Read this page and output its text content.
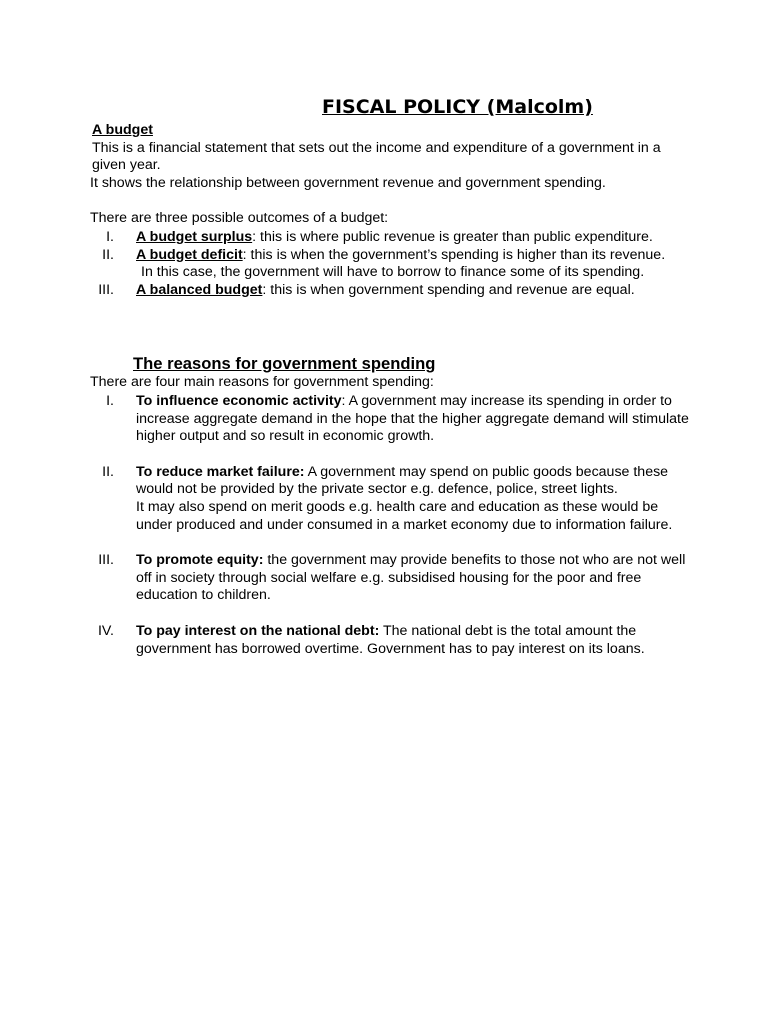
FISCAL POLICY (Malcolm)
A budget

This is a financial statement that sets out the income and expenditure of a government in a given year.

It shows the relationship between government revenue and government spending.

There are three possible outcomes of a budget:

I. A budget surplus: this is where public revenue is greater than public expenditure.
II. A budget deficit: this is when the government’s spending is higher than its revenue.
In this case, the government will have to borrow to finance some of its spending.
III. A balanced budget: this is when government spending and revenue are equal.
The reasons for government spending

There are four main reasons for government spending:

I. To influence economic activity: A government may increase its spending in order to increase aggregate demand in the hope that the higher aggregate demand will stimulate higher output and so result in economic growth.
II. To reduce market failure: A government may spend on public goods because these would not be provided by the private sector e.g. defence, police, street lights.
It may also spend on merit goods e.g. health care and education as these would be under produced and under consumed in a market economy due to information failure.
III. To promote equity: the government may provide benefits to those not who are not well off in society through social welfare e.g. subsidised housing for the poor and free education to children.
IV. To pay interest on the national debt: The national debt is the total amount the government has borrowed overtime. Government has to pay interest on its loans.
